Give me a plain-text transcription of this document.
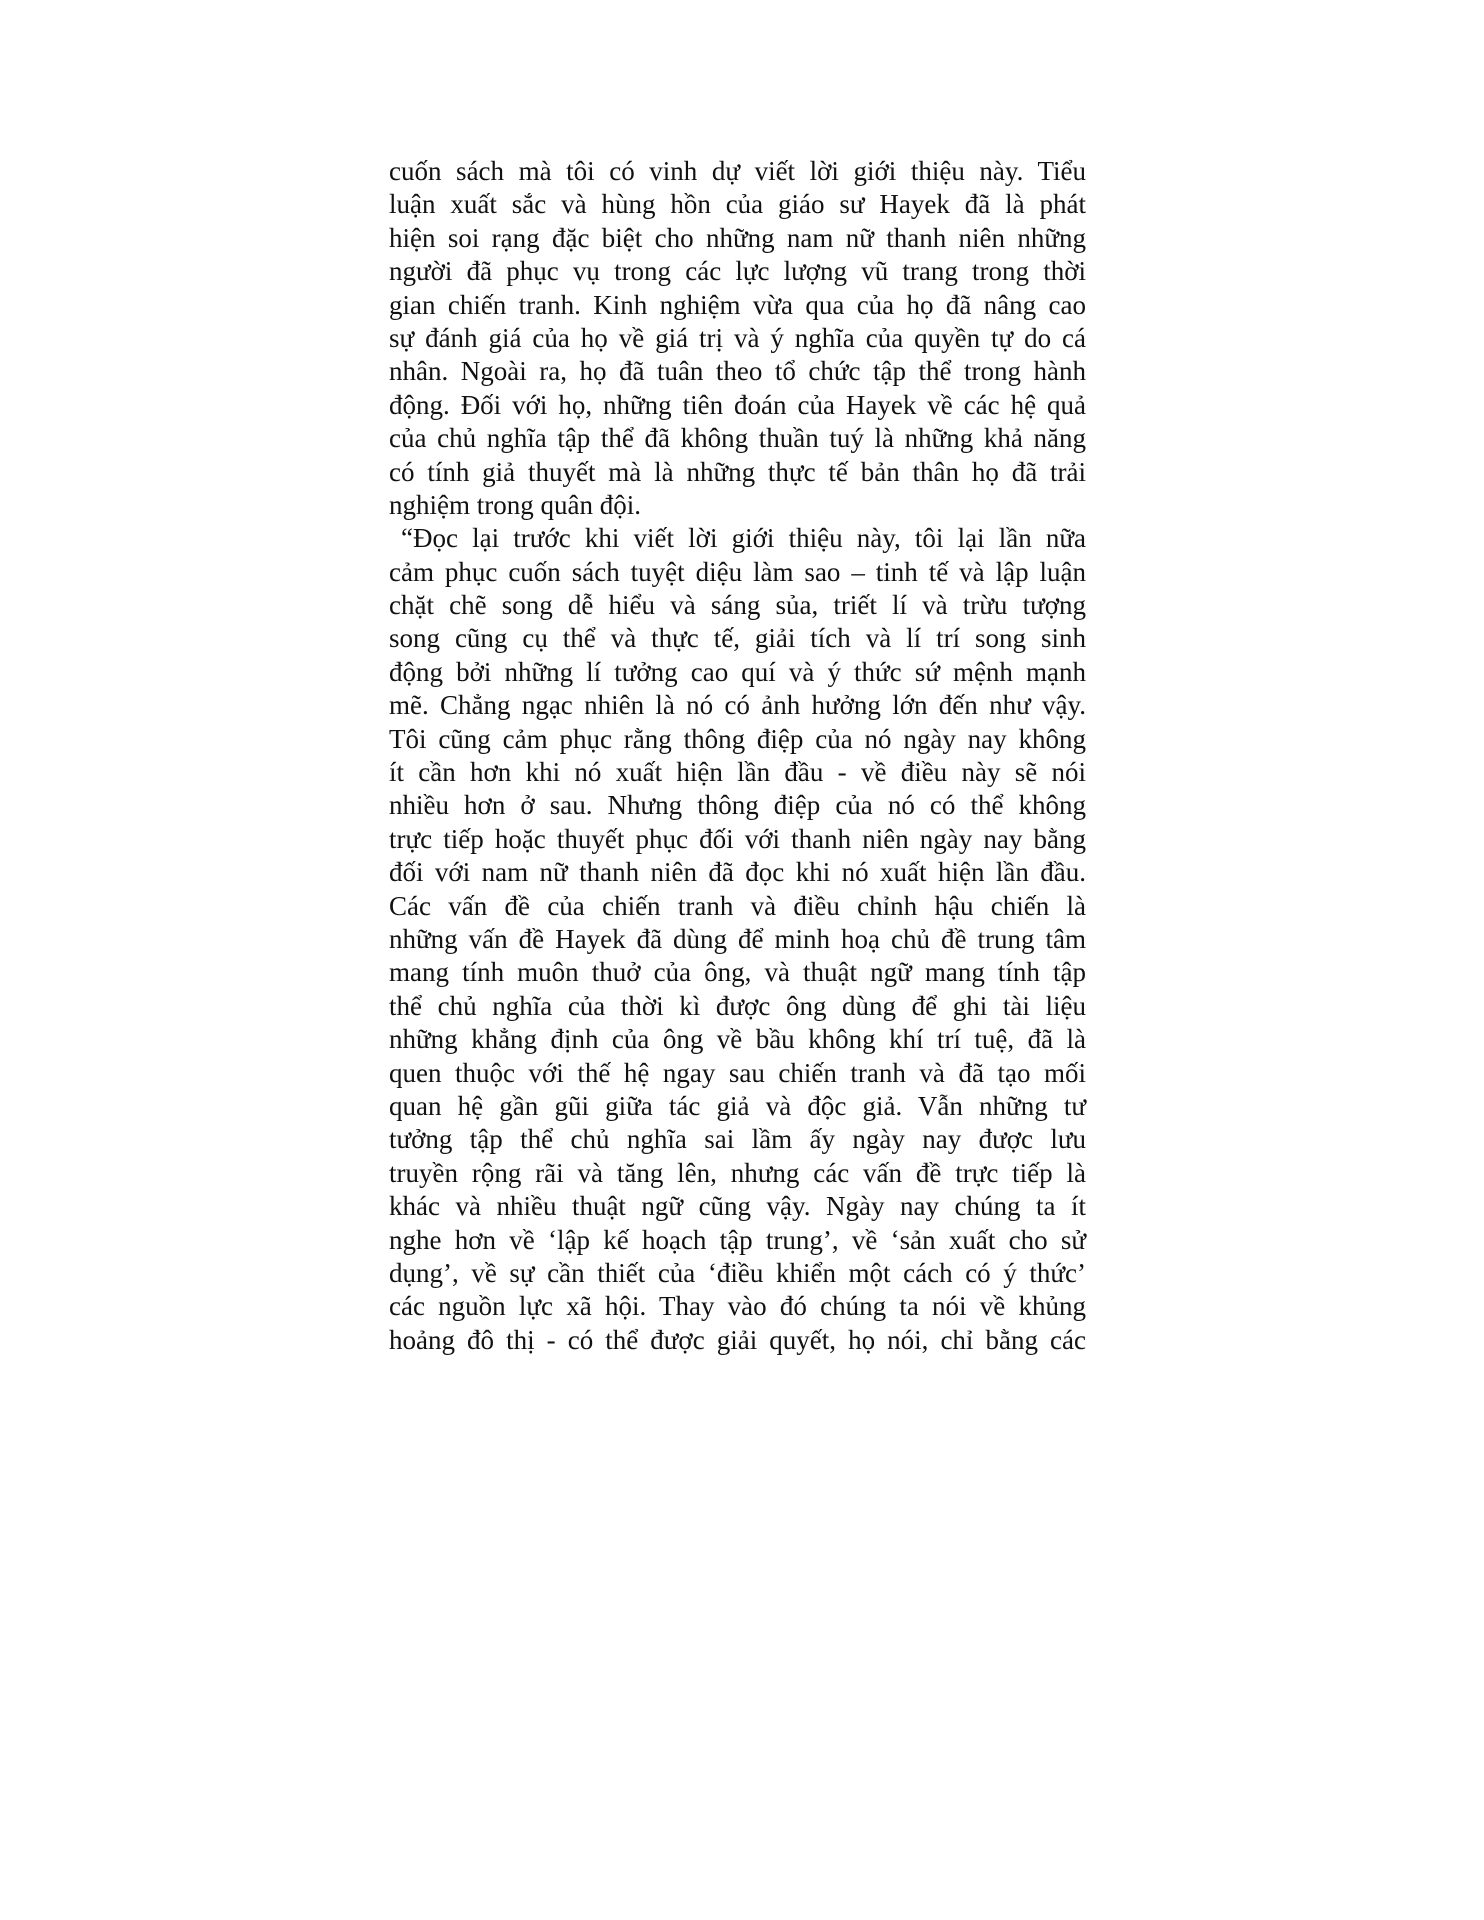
cuốn sách mà tôi có vinh dự viết lời giới thiệu này. Tiểu
luận xuất sắc và hùng hồn của giáo sư Hayek đã là phát
hiện soi rạng đặc biệt cho những nam nữ thanh niên những
người đã phục vụ trong các lực lượng vũ trang trong thời
gian chiến tranh. Kinh nghiệm vừa qua của họ đã nâng cao
sự đánh giá của họ về giá trị và ý nghĩa của quyền tự do cá
nhân. Ngoài ra, họ đã tuân theo tổ chức tập thể trong hành
động. Đối với họ, những tiên đoán của Hayek về các hệ quả
của chủ nghĩa tập thể đã không thuần tuý là những khả năng
có tính giả thuyết mà là những thực tế bản thân họ đã trải
nghiệm trong quân đội.
“Đọc lại trước khi viết lời giới thiệu này, tôi lại lần nữa
cảm phục cuốn sách tuyệt diệu làm sao – tinh tế và lập luận
chặt chẽ song dễ hiểu và sáng sủa, triết lí và trừu tượng
song cũng cụ thể và thực tế, giải tích và lí trí song sinh
động bởi những lí tưởng cao quí và ý thức sứ mệnh mạnh
mẽ. Chẳng ngạc nhiên là nó có ảnh hưởng lớn đến như vậy.
Tôi cũng cảm phục rằng thông điệp của nó ngày nay không
ít cần hơn khi nó xuất hiện lần đầu - về điều này sẽ nói
nhiều hơn ở sau. Nhưng thông điệp của nó có thể không
trực tiếp hoặc thuyết phục đối với thanh niên ngày nay bằng
đối với nam nữ thanh niên đã đọc khi nó xuất hiện lần đầu.
Các vấn đề của chiến tranh và điều chỉnh hậu chiến là
những vấn đề Hayek đã dùng để minh hoạ chủ đề trung tâm
mang tính muôn thuở của ông, và thuật ngữ mang tính tập
thể chủ nghĩa của thời kì được ông dùng để ghi tài liệu
những khẳng định của ông về bầu không khí trí tuệ, đã là
quen thuộc với thế hệ ngay sau chiến tranh và đã tạo mối
quan hệ gần gũi giữa tác giả và độc giả. Vẫn những tư
tưởng tập thể chủ nghĩa sai lầm ấy ngày nay được lưu
truyền rộng rãi và tăng lên, nhưng các vấn đề trực tiếp là
khác và nhiều thuật ngữ cũng vậy. Ngày nay chúng ta ít
nghe hơn về ‘lập kế hoạch tập trung’, về ‘sản xuất cho sử
dụng’, về sự cần thiết của ‘điều khiển một cách có ý thức’
các nguồn lực xã hội. Thay vào đó chúng ta nói về khủng
hoảng đô thị - có thể được giải quyết, họ nói, chỉ bằng các
